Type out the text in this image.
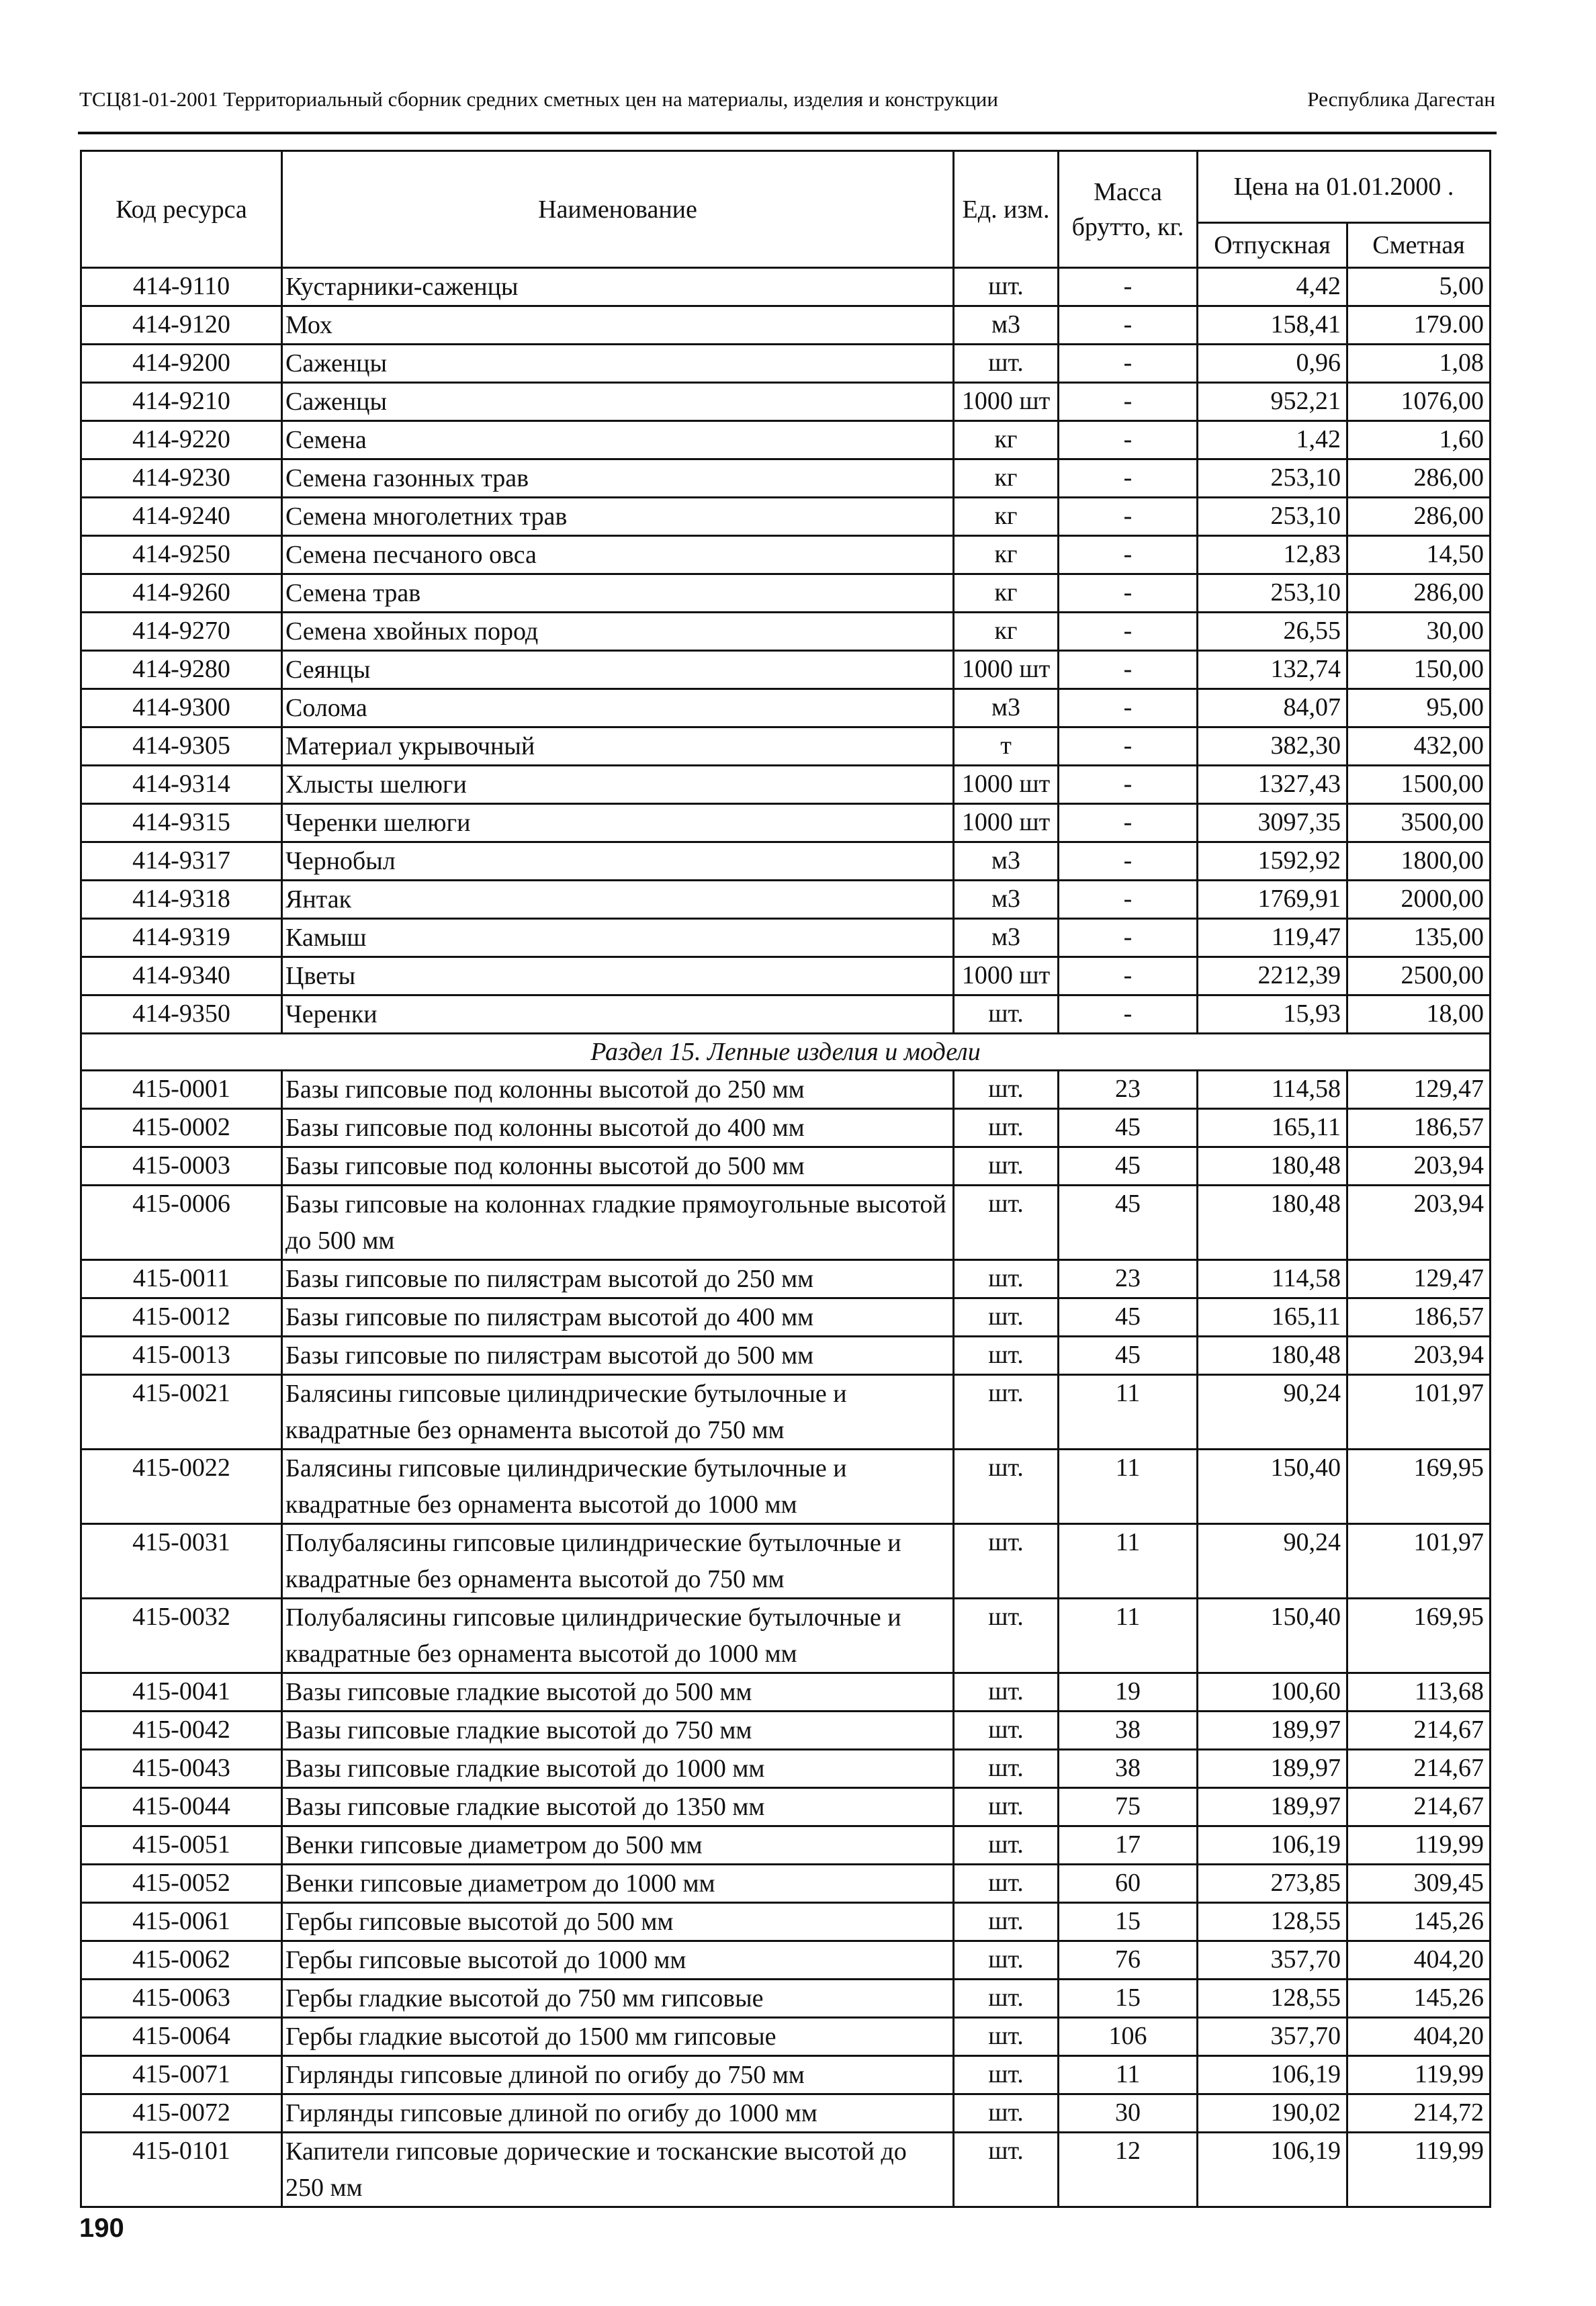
ТСЦ81-01-2001 Территориальный сборник средних сметных цен на материалы, изделия и конструкции	Республика Дагестан
Код ресурса	Наименование	Ед. изм.	Масса брутто, кг.	Цена на 01.01.2000 .	
				Отпускная	Сметная
414-9110	Кустарники-саженцы	шт.	-	4,42	5,00
414-9120	Мох	м3	-	158,41	179.00
414-9200	Саженцы	шт.	-	0,96	1,08
414-9210	Саженцы	1000 шт	-	952,21	1076,00
414-9220	Семена	кг	-	1,42	1,60
414-9230	Семена газонных трав	кг	-	253,10	286,00
414-9240	Семена многолетних трав	кг	-	253,10	286,00
414-9250	Семена песчаного овса	кг	-	12,83	14,50
414-9260	Семена трав	кг	-	253,10	286,00
414-9270	Семена хвойных пород	кг	-	26,55	30,00
414-9280	Сеянцы	1000 шт	-	132,74	150,00
414-9300	Солома	м3	-	84,07	95,00
414-9305	Материал укрывочный	т	-	382,30	432,00
414-9314	Хлысты шелюги	1000 шт	-	1327,43	1500,00
414-9315	Черенки шелюги	1000 шт	-	3097,35	3500,00
414-9317	Чернобыл	м3	-	1592,92	1800,00
414-9318	Янтак	м3	-	1769,91	2000,00
414-9319	Камыш	м3	-	119,47	135,00
414-9340	Цветы	1000 шт	-	2212,39	2500,00
414-9350	Черенки	шт.	-	15,93	18,00
Раздел 15. Лепные изделия и модели					
415-0001	Базы гипсовые под колонны высотой до 250 мм	шт.	23	114,58	129,47
415-0002	Базы гипсовые под колонны высотой до 400 мм	шт.	45	165,11	186,57
415-0003	Базы гипсовые под колонны высотой до 500 мм	шт.	45	180,48	203,94
415-0006	Базы гипсовые на колоннах гладкие прямоугольные высотой до 500 мм	шт.	45	180,48	203,94
415-0011	Базы гипсовые по пилястрам высотой до 250 мм	шт.	23	114,58	129,47
415-0012	Базы гипсовые по пилястрам высотой до 400 мм	шт.	45	165,11	186,57
415-0013	Базы гипсовые по пилястрам высотой до 500 мм	шт.	45	180,48	203,94
415-0021	Балясины гипсовые цилиндрические бутылочные и квадратные без орнамента высотой до 750 мм	шт.	11	90,24	101,97
415-0022	Балясины гипсовые цилиндрические бутылочные и квадратные без орнамента высотой до 1000 мм	шт.	11	150,40	169,95
415-0031	Полубалясины гипсовые цилиндрические бутылочные и квадратные без орнамента высотой до 750 мм	шт.	11	90,24	101,97
415-0032	Полубалясины гипсовые цилиндрические бутылочные и квадратные без орнамента высотой до 1000 мм	шт.	11	150,40	169,95
415-0041	Вазы гипсовые гладкие высотой до 500 мм	шт.	19	100,60	113,68
415-0042	Вазы гипсовые гладкие высотой до 750 мм	шт.	38	189,97	214,67
415-0043	Вазы гипсовые гладкие высотой до 1000 мм	шт.	38	189,97	214,67
415-0044	Вазы гипсовые гладкие высотой до 1350 мм	шт.	75	189,97	214,67
415-0051	Венки гипсовые диаметром до 500 мм	шт.	17	106,19	119,99
415-0052	Венки гипсовые диаметром до 1000 мм	шт.	60	273,85	309,45
415-0061	Гербы гипсовые высотой до 500 мм	шт.	15	128,55	145,26
415-0062	Гербы гипсовые высотой до 1000 мм	шт.	76	357,70	404,20
415-0063	Гербы гладкие высотой до 750 мм гипсовые	шт.	15	128,55	145,26
415-0064	Гербы гладкие высотой до 1500 мм гипсовые	шт.	106	357,70	404,20
415-0071	Гирлянды гипсовые длиной по огибу до 750 мм	шт.	11	106,19	119,99
415-0072	Гирлянды гипсовые длиной по огибу до 1000 мм	шт.	30	190,02	214,72
415-0101	Капители гипсовые дорические и тосканские высотой до 250 мм	шт.	12	106,19	119,99
190
